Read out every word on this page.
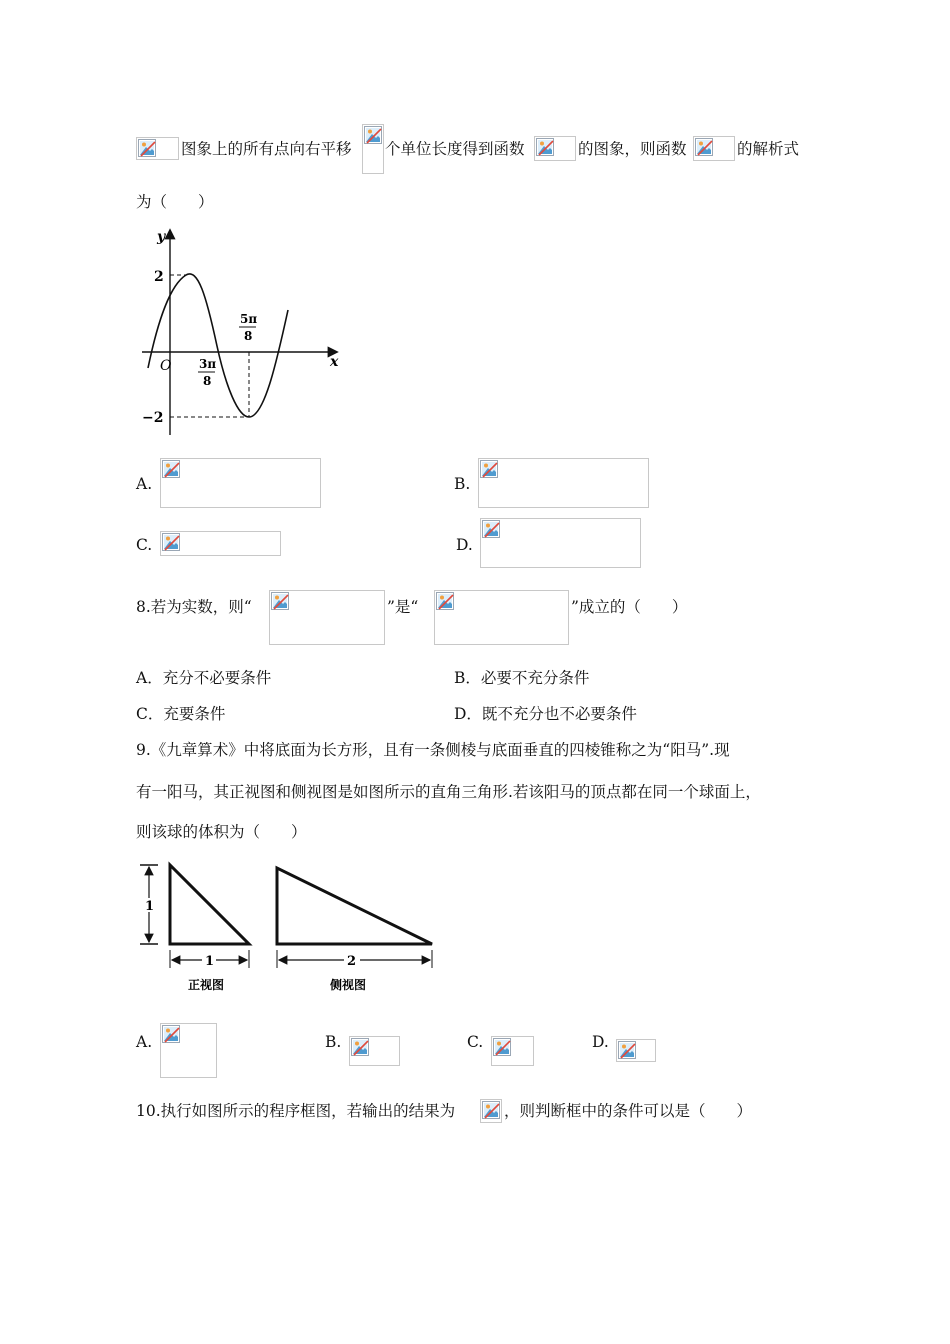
图象上的所有点向右平移 个单位长度得到函数	的图象，则函数	的解析式
为（　　）
y
x
O
2
−2
3π
8
5π
8
A.	B.
C.	D.
8.若为实数，则“	”是“	”成立的（　　）
A．充分不必要条件	B．必要不充分条件
C．充要条件	D．既不充分也不必要条件
9.《九章算术》中将底面为长方形，且有一条侧棱与底面垂直的四棱锥称之为“阳马”.现
有一阳马，其正视图和侧视图是如图所示的直角三角形.若该阳马的顶点都在同一个球面上，
则该球的体积为（　　）
1
1	2
正视图	侧视图
A.	B.	C.	D.
10.执行如图所示的程序框图，若输出的结果为	，则判断框中的条件可以是（　　）
